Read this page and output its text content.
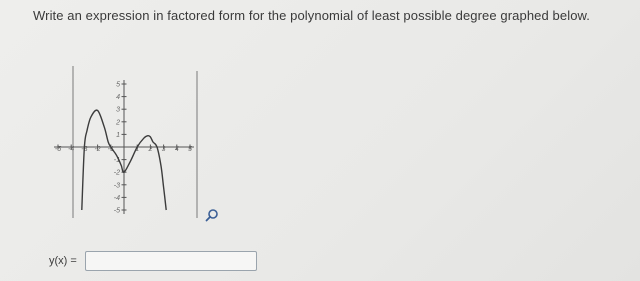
Write an expression in factored form for the polynomial of least possible degree graphed below.
-5 -4 -3 -2 -1	1 2 3 4 5
5
4
3
2
1
-1
-2
-3
-4
-5
y(x) =
